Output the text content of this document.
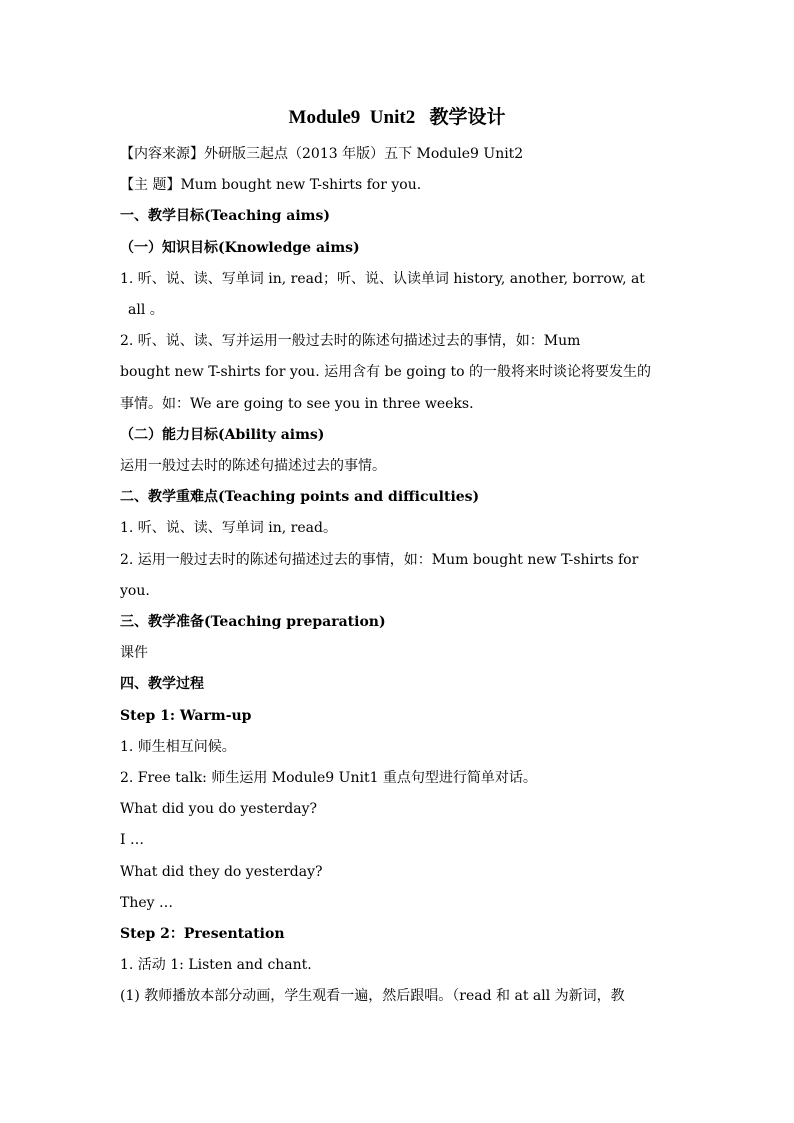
Module9  Unit2   教学设计
【内容来源】外研版三起点（2013 年版）五下 Module9 Unit2
【主 题】Mum bought new T-shirts for you.
一、教学目标(Teaching aims)
（一）知识目标(Knowledge aims)
1. 听、说、读、写单词 in, read；听、说、认读单词 history, another, borrow, at
all 。
2. 听、说、读、写并运用一般过去时的陈述句描述过去的事情，如：Mum
bought new T-shirts for you. 运用含有 be going to 的一般将来时谈论将要发生的
事情。如：We are going to see you in three weeks.
（二）能力目标(Ability aims)
运用一般过去时的陈述句描述过去的事情。
二、教学重难点(Teaching points and difficulties)
1. 听、说、读、写单词 in, read。
2. 运用一般过去时的陈述句描述过去的事情，如：Mum bought new T-shirts for
you.
三、教学准备(Teaching preparation)
课件
四、教学过程
Step 1: Warm-up
1. 师生相互问候。
2. Free talk: 师生运用 Module9 Unit1 重点句型进行简单对话。
What did you do yesterday?
I …
What did they do yesterday?
They …
Step 2：Presentation
1. 活动 1: Listen and chant.
(1) 教师播放本部分动画，学生观看一遍，然后跟唱。（read 和 at all 为新词，教
